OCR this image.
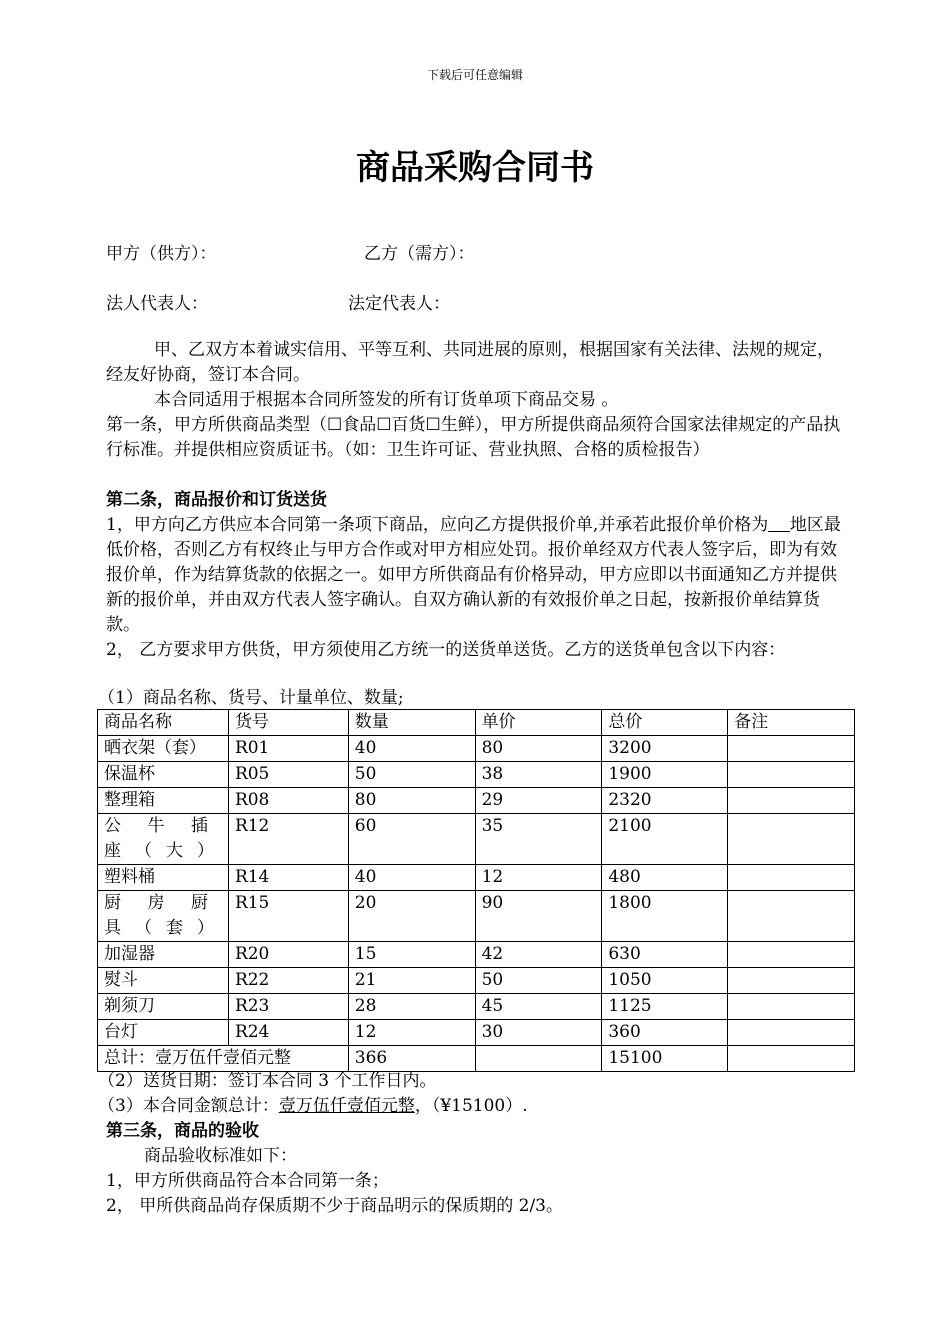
下载后可任意编辑
商品采购合同书
甲方（供方）：	乙方（需方）：
法人代表人：	法定代表人：
甲、乙双方本着诚实信用、平等互利、共同进展的原则，根据国家有关法律、法规的规定，经友好协商，签订本合同。
本合同适用于根据本合同所签发的所有订货单项下商品交易 。
第一条，甲方所供商品类型（☐食品☐百货☐生鲜），甲方所提供商品须符合国家法律规定的产品执行标准。并提供相应资质证书。（如：卫生许可证、营业执照、合格的质检报告）
第二条，商品报价和订货送货
1，甲方向乙方供应本合同第一条项下商品，应向乙方提供报价单,并承若此报价单价格为 地区最低价格，否则乙方有权终止与甲方合作或对甲方相应处罚。报价单经双方代表人签字后，即为有效报价单，作为结算货款的依据之一。如甲方所供商品有价格异动，甲方应即以书面通知乙方并提供新的报价单，并由双方代表人签字确认。自双方确认新的有效报价单之日起，按新报价单结算货款。
2， 乙方要求甲方供货，甲方须使用乙方统一的送货单送货。乙方的送货单包含以下内容：
（1）商品名称、货号、计量单位、数量;
商品名称	货号	数量	单价	总价	备注
晒衣架（套）	R01	40	80	3200	
保温杯	R05	50	38	1900	
整理箱	R08	80	29	2320	
公牛插座（大）	R12	60	35	2100	
塑料桶	R14	40	12	480	
厨房厨具（套）	R15	20	90	1800	
加湿器	R20	15	42	630	
熨斗	R22	21	50	1050	
剃须刀	R23	28	45	1125	
台灯	R24	12	30	360	
总计：壹万伍仟壹佰元整		366		15100	
（2）送货日期：签订本合同 3 个工作日内。
（3）本合同金额总计：壹万伍仟壹佰元整，（¥15100）.
第三条，商品的验收
商品验收标准如下：
1，甲方所供商品符合本合同第一条；
2， 甲所供商品尚存保质期不少于商品明示的保质期的 2/3。
